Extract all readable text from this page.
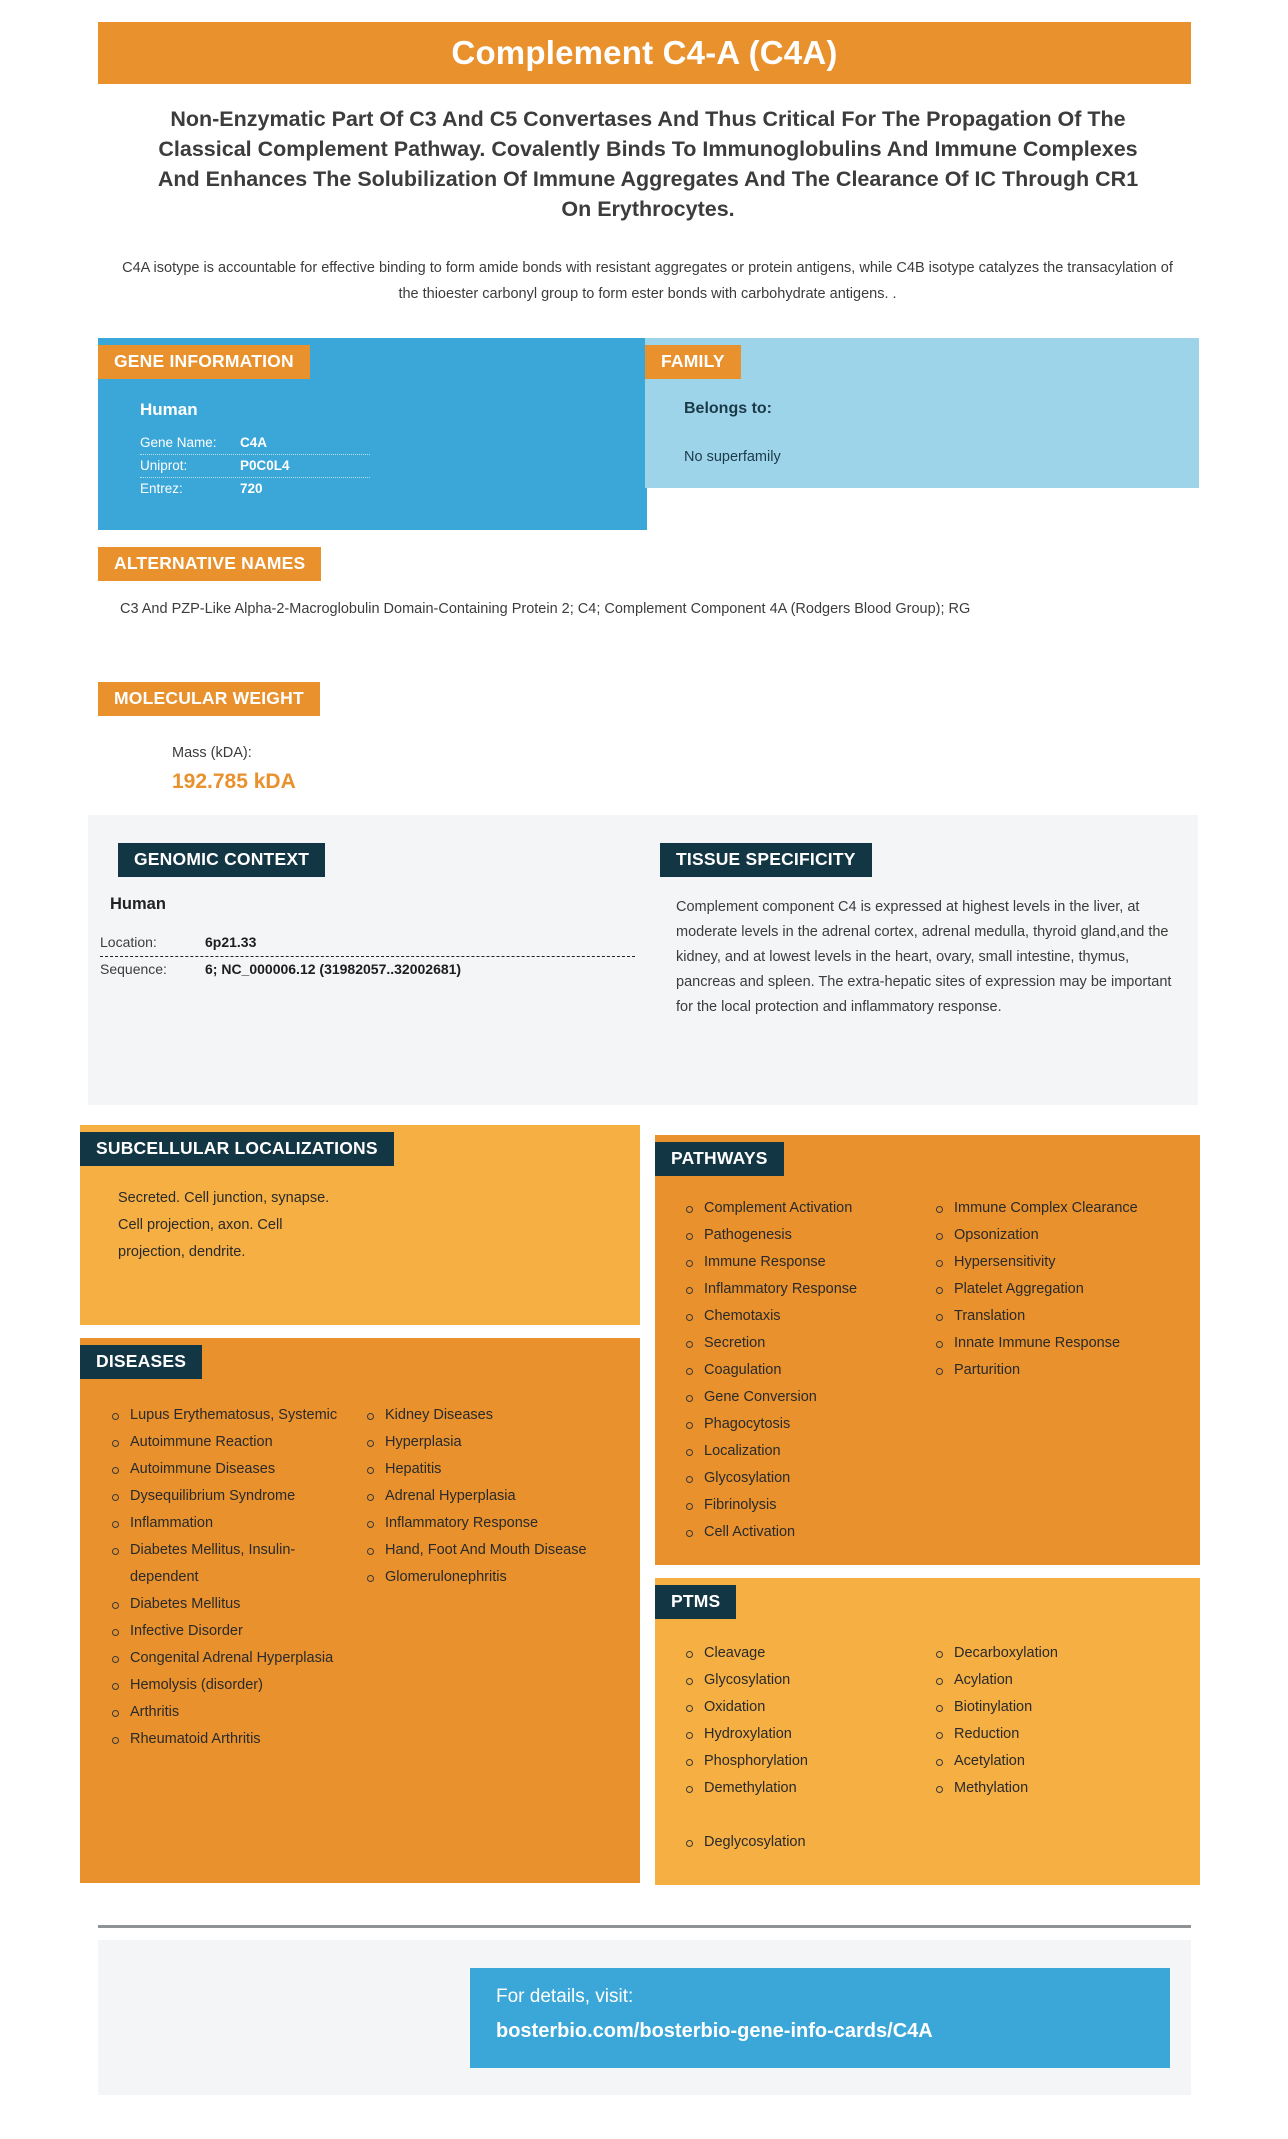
Complement C4-A (C4A)
Non-Enzymatic Part Of C3 And C5 Convertases And Thus Critical For The Propagation Of The Classical Complement Pathway. Covalently Binds To Immunoglobulins And Immune Complexes And Enhances The Solubilization Of Immune Aggregates And The Clearance Of IC Through CR1 On Erythrocytes.
C4A isotype is accountable for effective binding to form amide bonds with resistant aggregates or protein antigens, while C4B isotype catalyzes the transacylation of the thioester carbonyl group to form ester bonds with carbohydrate antigens. .
GENE INFORMATION
Human
Gene Name:	C4A
Uniprot:	P0C0L4
Entrez:	720
FAMILY
Belongs to:
No superfamily
ALTERNATIVE NAMES
C3 And PZP-Like Alpha-2-Macroglobulin Domain-Containing Protein 2; C4; Complement Component 4A (Rodgers Blood Group); RG
MOLECULAR WEIGHT
Mass (kDA):
192.785 kDA
GENOMIC CONTEXT
Human
Location:	6p21.33
Sequence:	6; NC_000006.12 (31982057..32002681)
TISSUE SPECIFICITY
Complement component C4 is expressed at highest levels in the liver, at moderate levels in the adrenal cortex, adrenal medulla, thyroid gland,and the kidney, and at lowest levels in the heart, ovary, small intestine, thymus, pancreas and spleen. The extra-hepatic sites of expression may be important for the local protection and inflammatory response.
SUBCELLULAR LOCALIZATIONS
Secreted. Cell junction, synapse. Cell projection, axon. Cell projection, dendrite.
DISEASES
Lupus Erythematosus, Systemic
Autoimmune Reaction
Autoimmune Diseases
Dysequilibrium Syndrome
Inflammation
Diabetes Mellitus, Insulin-dependent
Diabetes Mellitus
Infective Disorder
Congenital Adrenal Hyperplasia
Hemolysis (disorder)
Arthritis
Rheumatoid Arthritis
Kidney Diseases
Hyperplasia
Hepatitis
Adrenal Hyperplasia
Inflammatory Response
Hand, Foot And Mouth Disease
Glomerulonephritis
PATHWAYS
Complement Activation
Pathogenesis
Immune Response
Inflammatory Response
Chemotaxis
Secretion
Coagulation
Gene Conversion
Phagocytosis
Localization
Glycosylation
Fibrinolysis
Cell Activation
Immune Complex Clearance
Opsonization
Hypersensitivity
Platelet Aggregation
Translation
Innate Immune Response
Parturition
PTMS
Cleavage
Glycosylation
Oxidation
Hydroxylation
Phosphorylation
Demethylation
Deglycosylation
Decarboxylation
Acylation
Biotinylation
Reduction
Acetylation
Methylation
For details, visit:
bosterbio.com/bosterbio-gene-info-cards/C4A
